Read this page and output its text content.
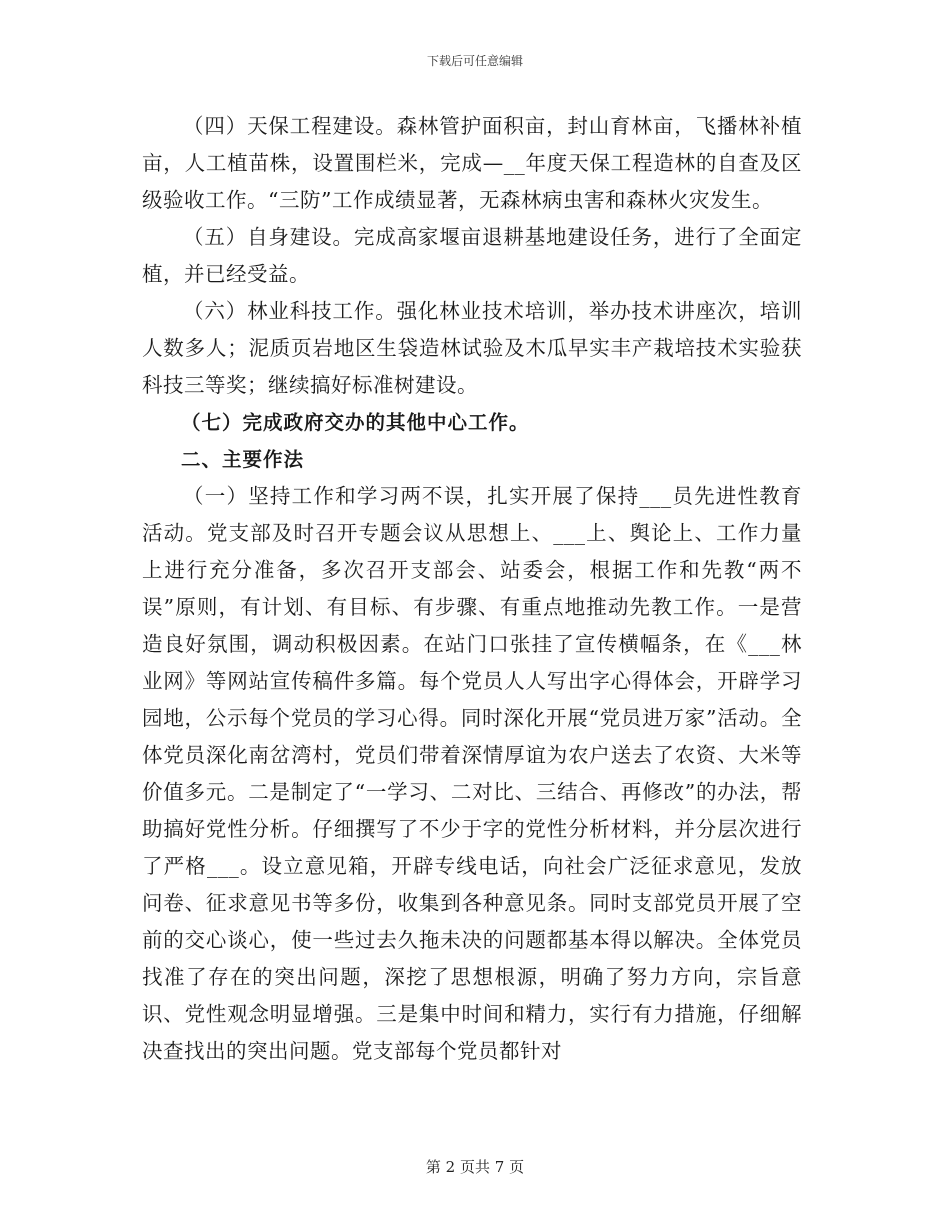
下载后可任意编辑

（四）天保工程建设。森林管护面积亩，封山育林亩，飞播林补植亩，人工植苗株，设置围栏米，完成—__年度天保工程造林的自查及区级验收工作。“三防”工作成绩显著，无森林病虫害和森林火灾发生。

（五）自身建设。完成高家堰亩退耕基地建设任务，进行了全面定植，并已经受益。

（六）林业科技工作。强化林业技术培训，举办技术讲座次，培训人数多人；泥质页岩地区生袋造林试验及木瓜早实丰产栽培技术实验获科技三等奖；继续搞好标准树建设。

（七）完成政府交办的其他中心工作。

二、主要作法

（一）坚持工作和学习两不误，扎实开展了保持___员先进性教育活动。党支部及时召开专题会议从思想上、___上、舆论上、工作力量上进行充分准备，多次召开支部会、站委会，根据工作和先教“两不误”原则，有计划、有目标、有步骤、有重点地推动先教工作。一是营造良好氛围，调动积极因素。在站门口张挂了宣传横幅条，在《___林业网》等网站宣传稿件多篇。每个党员人人写出字心得体会，开辟学习园地，公示每个党员的学习心得。同时深化开展“党员进万家”活动。全体党员深化南岔湾村，党员们带着深情厚谊为农户送去了农资、大米等价值多元。二是制定了“一学习、二对比、三结合、再修改”的办法，帮助搞好党性分析。仔细撰写了不少于字的党性分析材料，并分层次进行了严格___。设立意见箱，开辟专线电话，向社会广泛征求意见，发放问卷、征求意见书等多份，收集到各种意见条。同时支部党员开展了空前的交心谈心，使一些过去久拖未决的问题都基本得以解决。全体党员找准了存在的突出问题，深挖了思想根源，明确了努力方向，宗旨意识、党性观念明显增强。三是集中时间和精力，实行有力措施，仔细解决查找出的突出问题。党支部每个党员都针对

第 2 页共 7 页
